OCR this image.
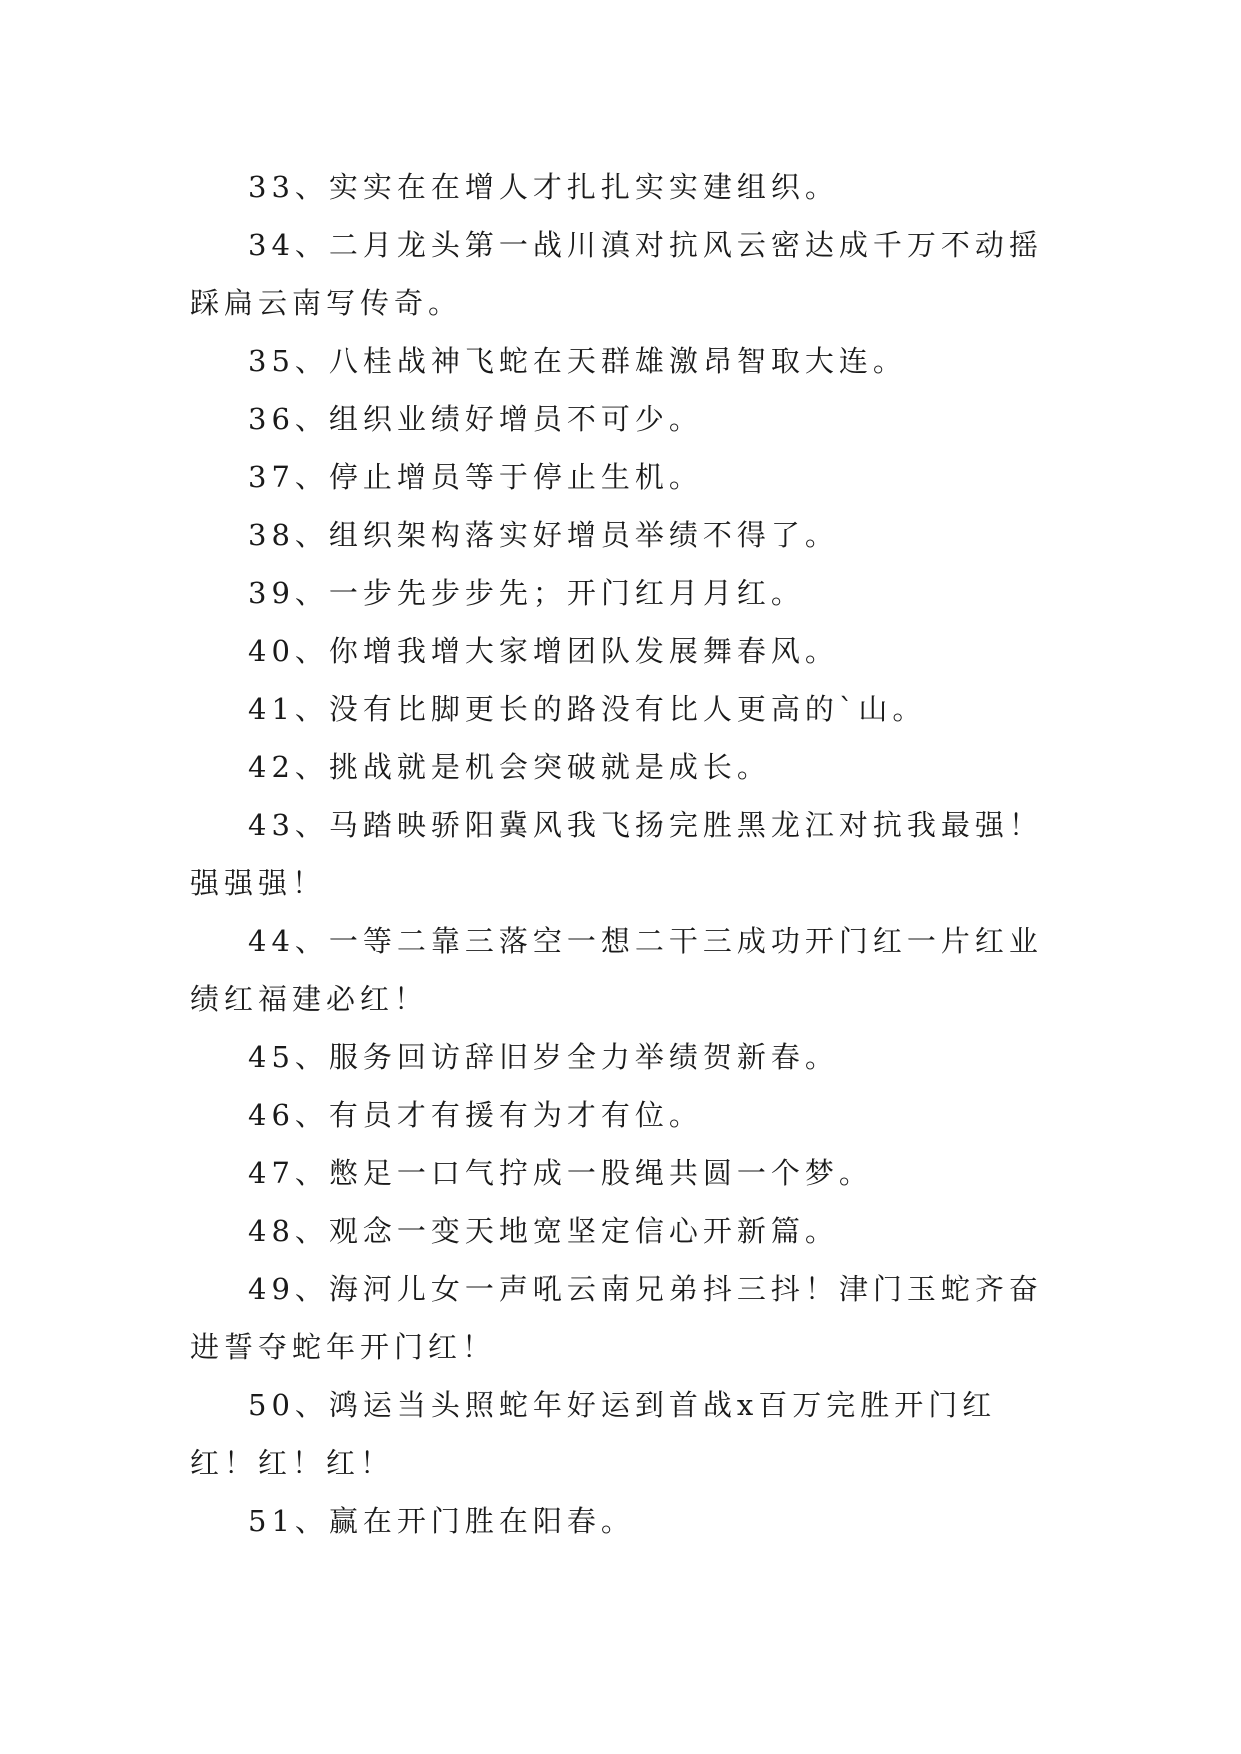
33、实实在在增人才扎扎实实建组织。

34、二月龙头第一战川滇对抗风云密达成千万不动摇踩扁云南写传奇。

35、八桂战神飞蛇在天群雄激昂智取大连。

36、组织业绩好增员不可少。

37、停止增员等于停止生机。

38、组织架构落实好增员举绩不得了。

39、一步先步步先；开门红月月红。

40、你增我增大家增团队发展舞春风。

41、没有比脚更长的路没有比人更高的`山。

42、挑战就是机会突破就是成长。

43、马踏映骄阳冀风我飞扬完胜黑龙江对抗我最强！强强强！

44、一等二靠三落空一想二干三成功开门红一片红业绩红福建必红！

45、服务回访辞旧岁全力举绩贺新春。

46、有员才有援有为才有位。

47、憋足一口气拧成一股绳共圆一个梦。

48、观念一变天地宽坚定信心开新篇。

49、海河儿女一声吼云南兄弟抖三抖！津门玉蛇齐奋进誓夺蛇年开门红！

50、鸿运当头照蛇年好运到首战x百万完胜开门红红！红！红！

51、赢在开门胜在阳春。
